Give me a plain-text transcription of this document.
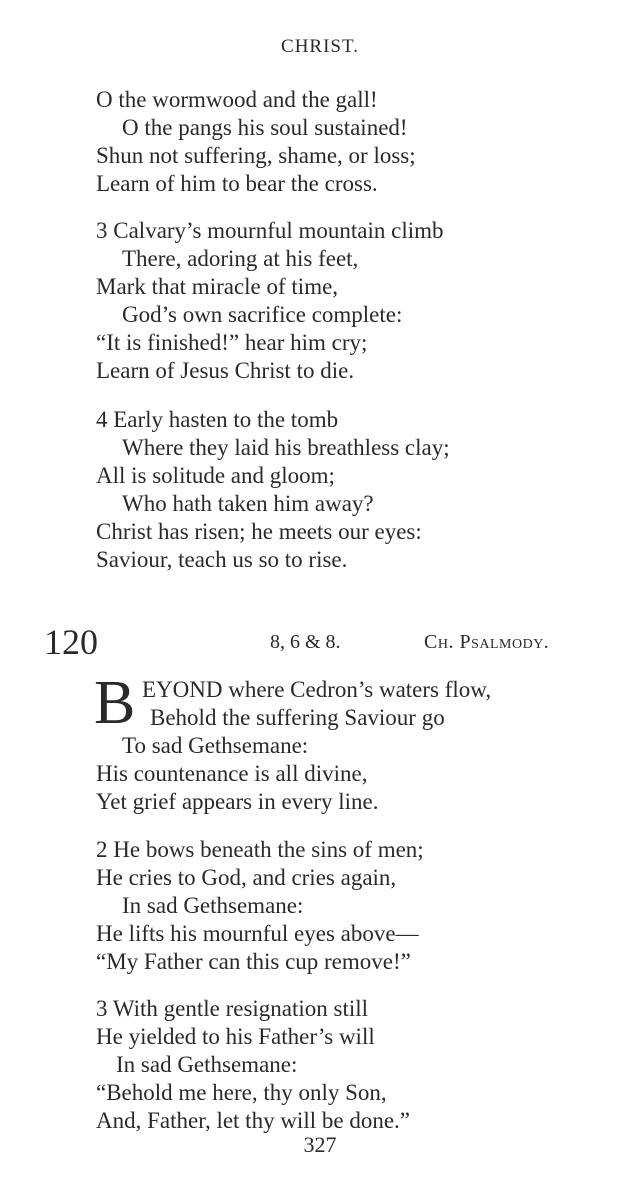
CHRIST.
O the wormwood and the gall!
O the pangs his soul sustained!
Shun not suffering, shame, or loss;
Learn of him to bear the cross.
3 Calvary’s mournful mountain climb
There, adoring at his feet,
Mark that miracle of time,
God’s own sacrifice complete:
“It is finished!” hear him cry;
Learn of Jesus Christ to die.
4 Early hasten to the tomb
Where they laid his breathless clay;
All is solitude and gloom;
Who hath taken him away?
Christ has risen; he meets our eyes:
Saviour, teach us so to rise.
120	8, 6 & 8.	Ch. Psalmody.
B EYOND where Cedron’s waters flow,
Behold the suffering Saviour go
To sad Gethsemane:
His countenance is all divine,
Yet grief appears in every line.
2 He bows beneath the sins of men;
He cries to God, and cries again,
In sad Gethsemane:
He lifts his mournful eyes above—
“My Father can this cup remove!”
3 With gentle resignation still
He yielded to his Father’s will
In sad Gethsemane:
“Behold me here, thy only Son,
And, Father, let thy will be done.”
327
